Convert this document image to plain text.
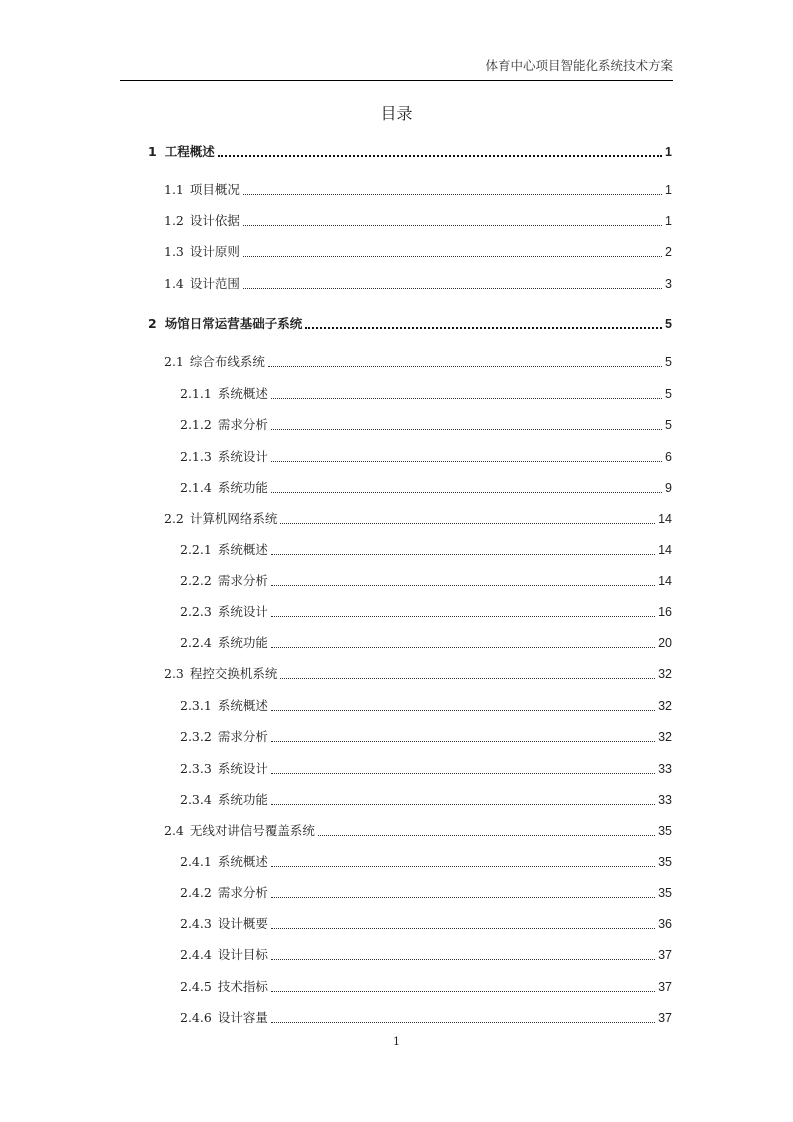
体育中心项目智能化系统技术方案
目录
1 工程概述	1
1.1 项目概况	1
1.2 设计依据	1
1.3 设计原则	2
1.4 设计范围	3
2 场馆日常运营基础子系统	5
2.1 综合布线系统	5
2.1.1 系统概述	5
2.1.2 需求分析	5
2.1.3 系统设计	6
2.1.4 系统功能	9
2.2 计算机网络系统	14
2.2.1 系统概述	14
2.2.2 需求分析	14
2.2.3 系统设计	16
2.2.4 系统功能	20
2.3 程控交换机系统	32
2.3.1 系统概述	32
2.3.2 需求分析	32
2.3.3 系统设计	33
2.3.4 系统功能	33
2.4 无线对讲信号覆盖系统	35
2.4.1 系统概述	35
2.4.2 需求分析	35
2.4.3 设计概要	36
2.4.4 设计目标	37
2.4.5 技术指标	37
2.4.6 设计容量	37
1
